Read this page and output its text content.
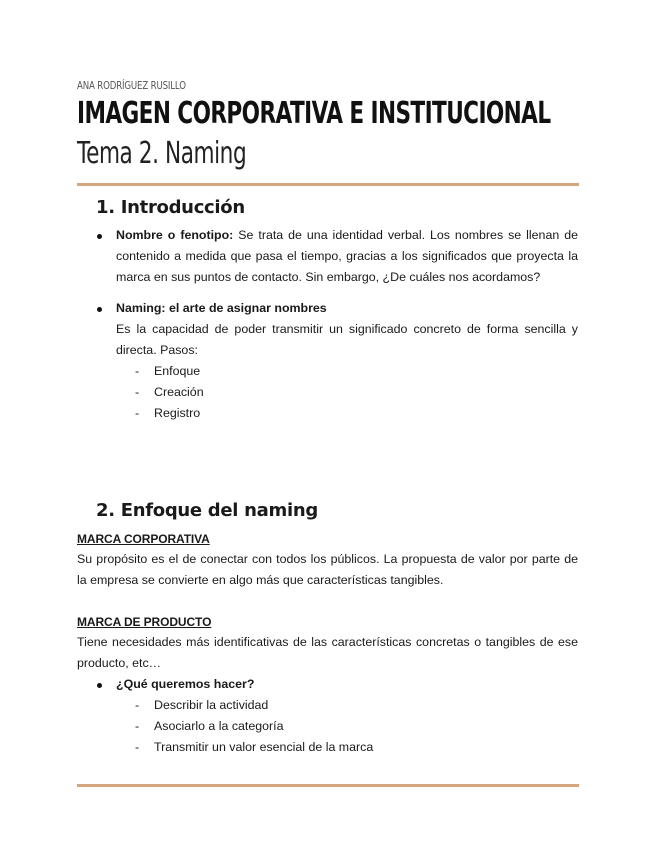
ANA RODRÍGUEZ RUSILLO
IMAGEN CORPORATIVA E INSTITUCIONAL
Tema 2. Naming
1. Introducción

Nombre o fenotipo: Se trata de una identidad verbal. Los nombres se llenan de contenido a medida que pasa el tiempo, gracias a los significados que proyecta la marca en sus puntos de contacto. Sin embargo, ¿De cuáles nos acordamos?

Naming: el arte de asignar nombres

Es la capacidad de poder transmitir un significado concreto de forma sencilla y directa. Pasos:

- Enfoque
- Creación
- Registro
2. Enfoque del naming

MARCA CORPORATIVA

Su propósito es el de conectar con todos los públicos. La propuesta de valor por parte de la empresa se convierte en algo más que características tangibles.

MARCA DE PRODUCTO

Tiene necesidades más identificativas de las características concretas o tangibles de ese producto, etc…

¿Qué queremos hacer?

- Describir la actividad
- Asociarlo a la categoría
- Transmitir un valor esencial de la marca
